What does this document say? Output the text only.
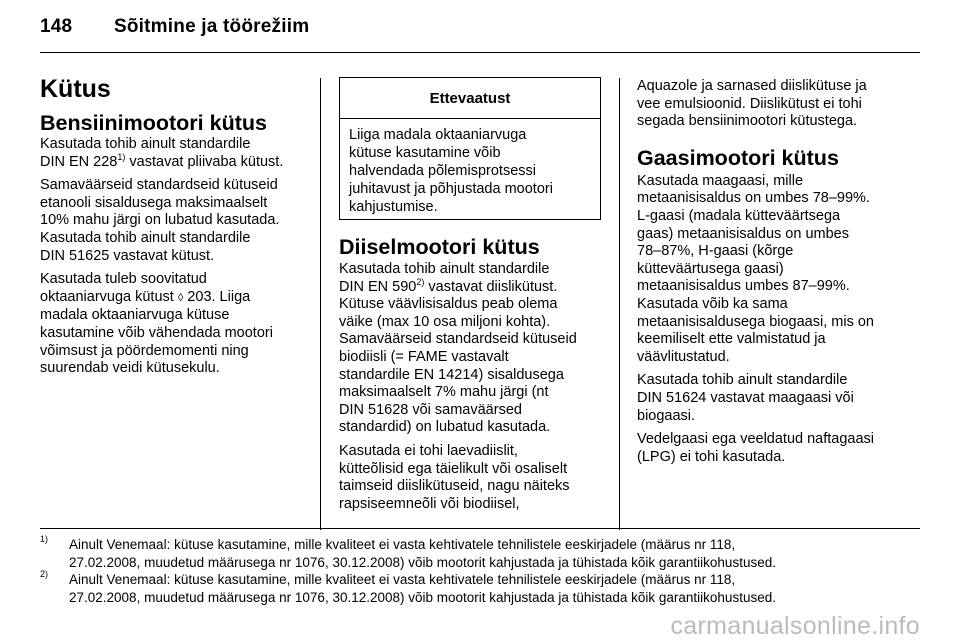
148 Sõitmine ja töörežiim
Kütus
Bensiinimootori kütus

Kasutada tohib ainult standardile
DIN EN 228$^{1)}$ vastavat pliivaba kütust.

Samaväärseid standardseid kütuseid
etanooli sisaldusega maksimaalselt
10% mahu järgi on lubatud kasutada.
Kasutada tohib ainult standardile
DIN 51625 vastavat kütust.

Kasutada tuleb soovitatud
oktaaniarvuga kütust ◊ 203. Liiga
madala oktaaniarvuga kütuse
kasutamine võib vähendada mootori
võimsust ja pöördemomenti ning
suurendab veidi kütusekulu.

Ettevaatust
Liiga madala oktaaniarvuga
kütuse kasutamine võib
halvendada põlemisprotsessi
juhitavust ja põhjustada mootori
kahjustumise.
Diiselmootori kütus

Kasutada tohib ainult standardile
DIN EN 590$^{2)}$ vastavat diislikütust.
Kütuse väävlisisaldus peab olema
väike (max 10 osa miljoni kohta).
Samaväärseid standardseid kütuseid
biodiisli (= FAME vastavalt
standardile EN 14214) sisaldusega
maksimaalselt 7% mahu järgi (nt
DIN 51628 või samaväärsed
standardid) on lubatud kasutada.

Kasutada ei tohi laevadiislit,
kütteõlisid ega täielikult või osaliselt
taimseid diislikütuseid, nagu näiteks
rapsiseemneõli või biodiisel,

Aquazole ja sarnased diislikütuse ja
vee emulsioonid. Diislikütust ei tohi
segada bensiinimootori kütustega.

Gaasimootori kütus

Kasutada maagaasi, mille
metaanisisaldus on umbes 78–99%.
L-gaasi (madala kütteväärtsega
gaas) metaanisisaldus on umbes
78–87%, H-gaasi (kõrge
kütteväärtusega gaasi)
metaanisisaldus umbes 87–99%.
Kasutada võib ka sama
metaanisisaldusega biogaasi, mis on
keemiliselt ette valmistatud ja
väävlitustatud.

Kasutada tohib ainult standardile
DIN 51624 vastavat maagaasi või
biogaasi.

Vedelgaasi ega veeldatud naftagaasi
(LPG) ei tohi kasutada.

1) Ainult Venemaal: kütuse kasutamine, mille kvaliteet ei vasta kehtivatele tehnilistele eeskirjadele (määrus nr 118,
27.02.2008, muudetud määrusega nr 1076, 30.12.2008) võib mootorit kahjustada ja tühistada kõik garantiikohustused.
2) Ainult Venemaal: kütuse kasutamine, mille kvaliteet ei vasta kehtivatele tehnilistele eeskirjadele (määrus nr 118,
27.02.2008, muudetud määrusega nr 1076, 30.12.2008) võib mootorit kahjustada ja tühistada kõik garantiikohustused.
carmanualsonline.info
